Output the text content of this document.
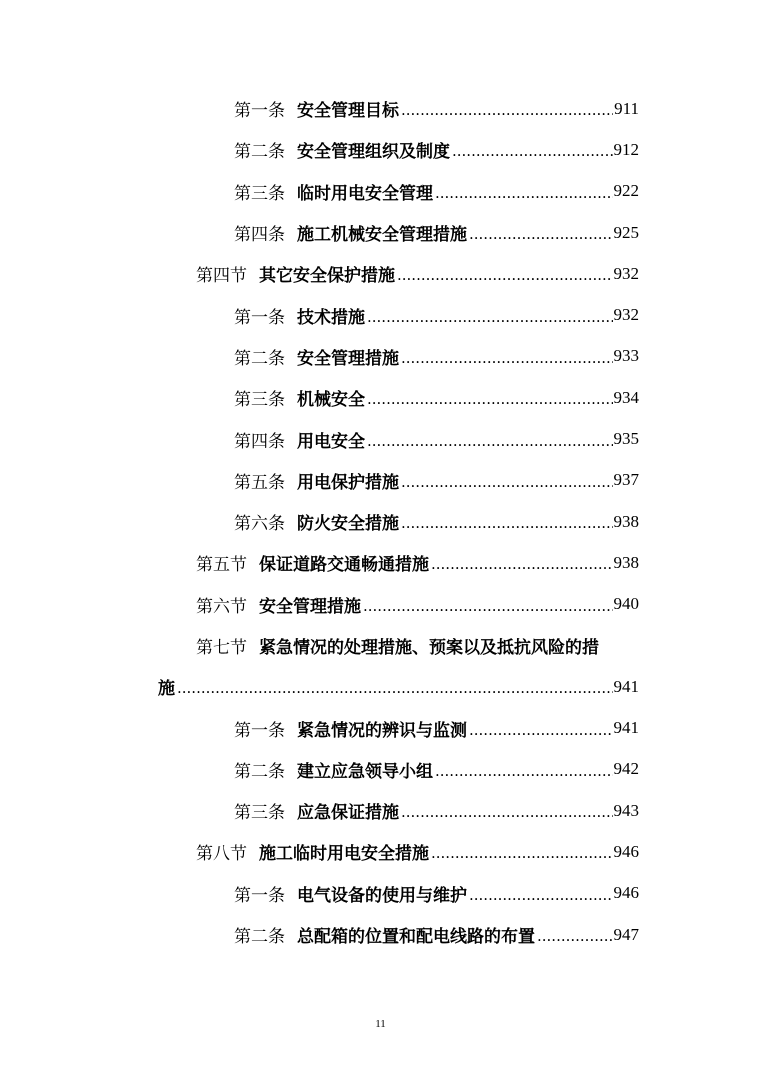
第一条 安全管理目标 .....	911
第二条 安全管理组织及制度 .....	912
第三条 临时用电安全管理 .....	922
第四条 施工机械安全管理措施 .....	925
第四节 其它安全保护措施 .....	932
第一条 技术措施 .....	932
第二条 安全管理措施 .....	933
第三条 机械安全 .....	934
第四条 用电安全 .....	935
第五条 用电保护措施 .....	937
第六条 防火安全措施 .....	938
第五节 保证道路交通畅通措施 .....	938
第六节 安全管理措施 .....	940
第七节 紧急情况的处理措施、预案以及抵抗风险的措
施 .....	941
第一条 紧急情况的辨识与监测 .....	941
第二条 建立应急领导小组 .....	942
第三条 应急保证措施 .....	943
第八节 施工临时用电安全措施 .....	946
第一条 电气设备的使用与维护 .....	946
第二条 总配箱的位置和配电线路的布置 .....	947
11
